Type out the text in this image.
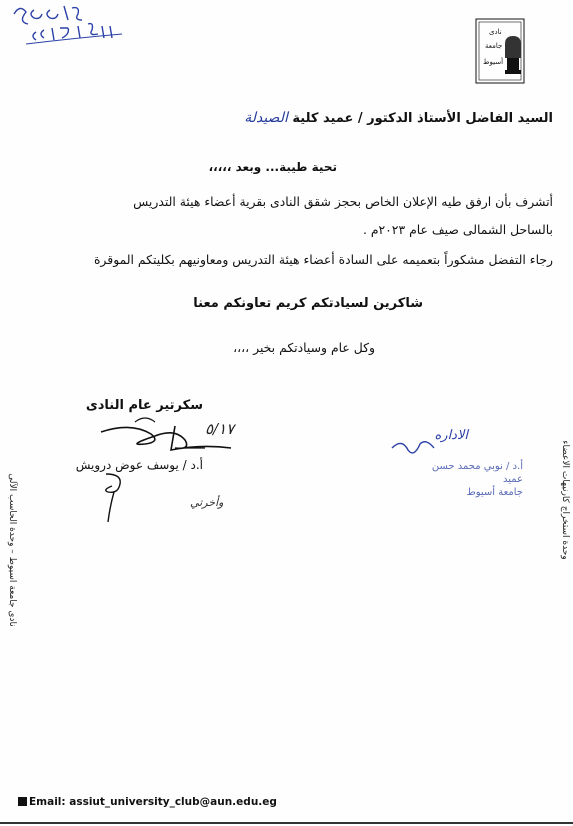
نادى
جامعة
أسيوط
السيد الفاضل الأستاذ الدكتور / عميد كلية الصيدلة
تحية طيبة... وبعد ،،،،،
أتشرف بأن ارفق طيه الإعلان الخاص بحجز شقق النادى بقرية أعضاء هيئة التدريس
بالساحل الشمالى صيف عام ٢٠٢٣م .
رجاء التفضل مشكوراً بتعميمه على السادة أعضاء هيئة التدريس ومعاونيهم بكليتكم الموقرة
شاكرين لسيادتكم كريم تعاونكم معنا
وكل عام وسيادتكم بخير ،،،،
سكرتير عام النادى
٥/١٧
أ.د / يوسف عوض درويش
وأخرتي
الاداره
أ.د / نوبي محمد حسن
عميد
جامعة أسيوط
نادى جامعة اسيوط – وحدة الحاسب الآلى	وحدة استخراج كارنيهات الاعضاء
Email: assiut_university_club@aun.edu.eg
